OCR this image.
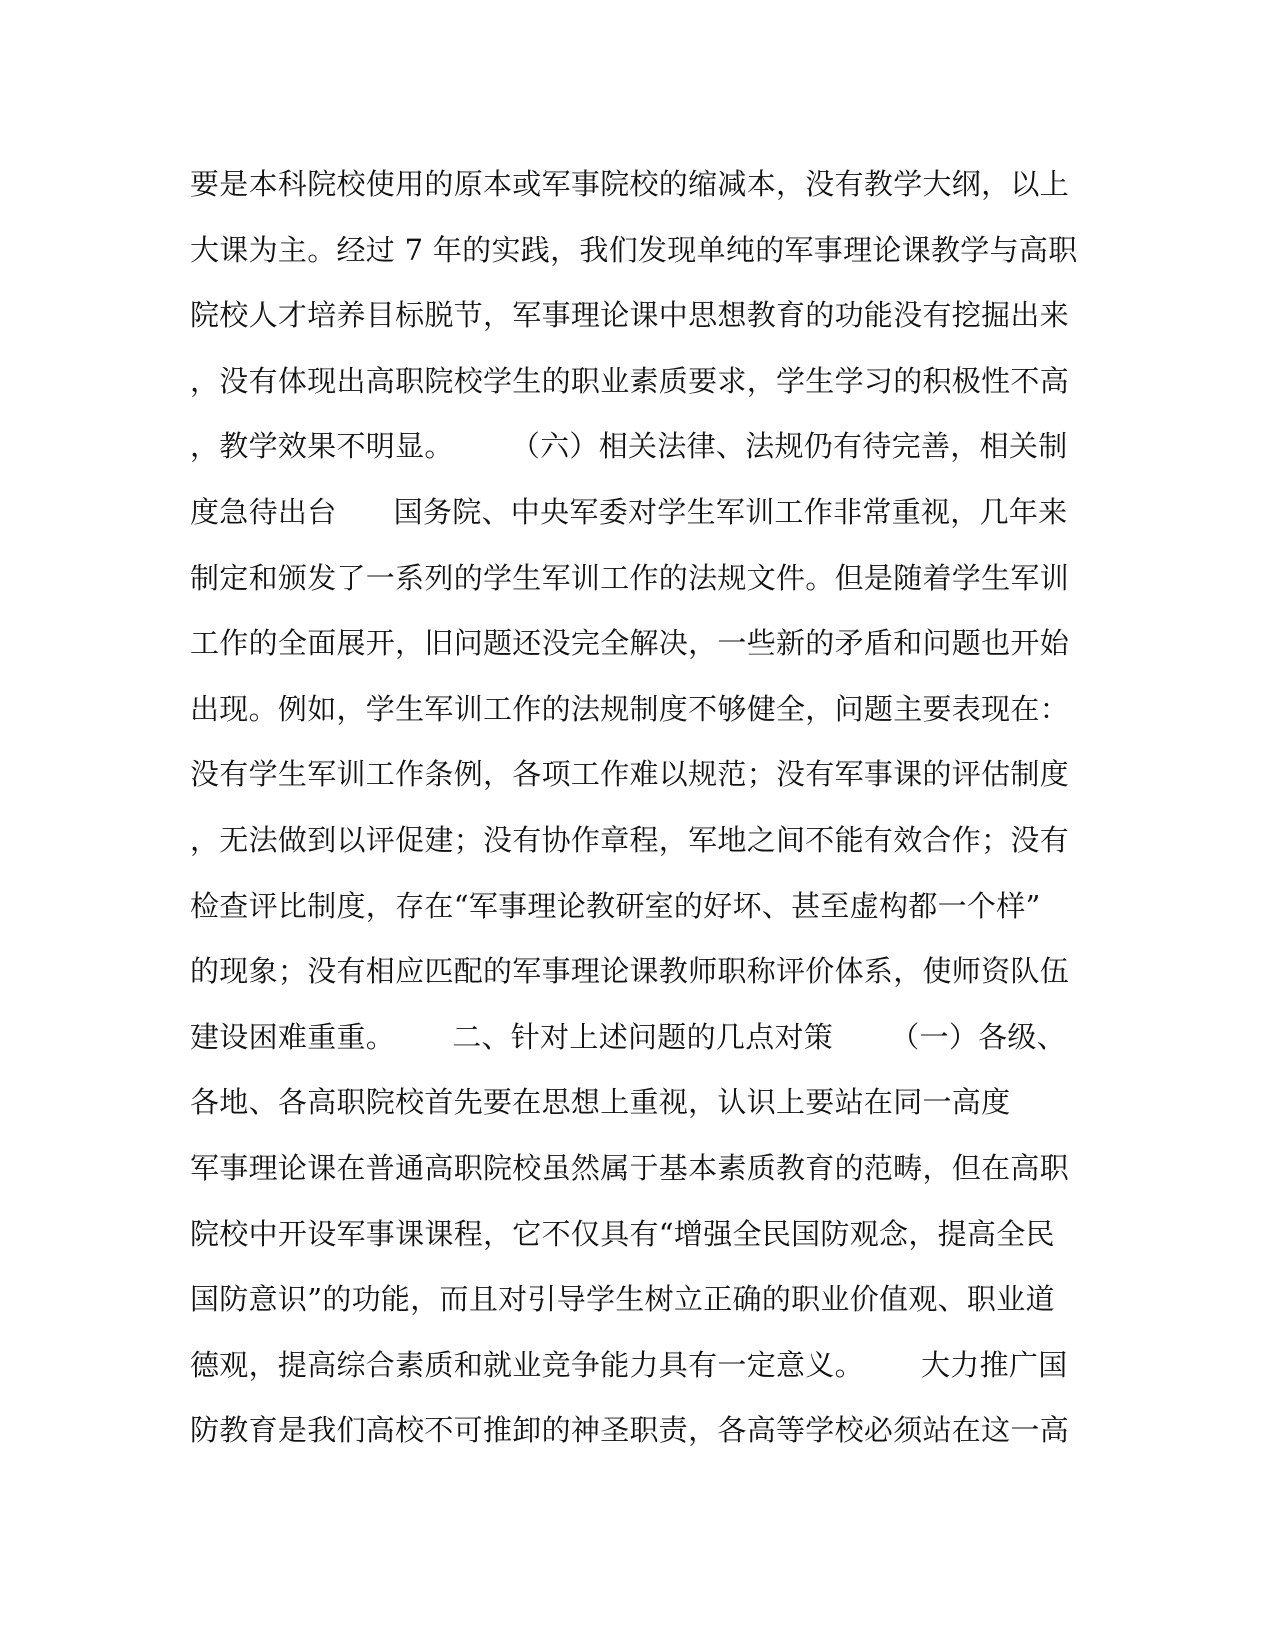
要是本科院校使用的原本或军事院校的缩减本，没有教学大纲，以上
大课为主。经过 7 年的实践，我们发现单纯的军事理论课教学与高职
院校人才培养目标脱节，军事理论课中思想教育的功能没有挖掘出来
，没有体现出高职院校学生的职业素质要求，学生学习的积极性不高
，教学效果不明显。      （六）相关法律、法规仍有待完善，相关制
度急待出台      国务院、中央军委对学生军训工作非常重视，几年来
制定和颁发了一系列的学生军训工作的法规文件。但是随着学生军训
工作的全面展开，旧问题还没完全解决，一些新的矛盾和问题也开始
出现。例如，学生军训工作的法规制度不够健全，问题主要表现在：
没有学生军训工作条例，各项工作难以规范；没有军事课的评估制度
，无法做到以评促建；没有协作章程，军地之间不能有效合作；没有
检查评比制度，存在“军事理论教研室的好坏、甚至虚构都一个样”
的现象；没有相应匹配的军事理论课教师职称评价体系，使师资队伍
建设困难重重。      二、针对上述问题的几点对策      （一）各级、
各地、各高职院校首先要在思想上重视，认识上要站在同一高度
军事理论课在普通高职院校虽然属于基本素质教育的范畴，但在高职
院校中开设军事课课程，它不仅具有“增强全民国防观念，提高全民
国防意识”的功能，而且对引导学生树立正确的职业价值观、职业道
德观，提高综合素质和就业竞争能力具有一定意义。      大力推广国
防教育是我们高校不可推卸的神圣职责，各高等学校必须站在这一高
